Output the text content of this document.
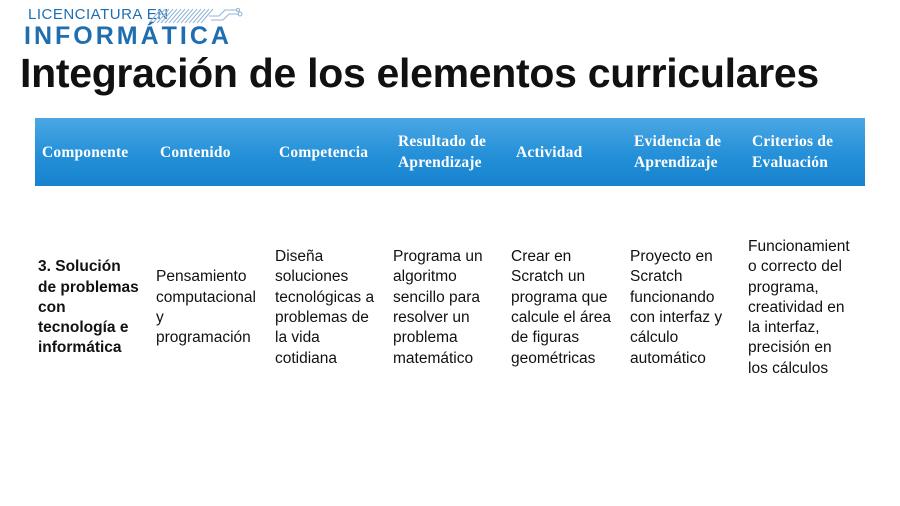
LICENCIATURA EN
INFORMÁTICA
Integración de los elementos curriculares
Componente Contenido	Competencia
Resultado de
Aprendizaje
Actividad
Evidencia de
Aprendizaje
Criterios de
Evaluación
3. Solución
de problemas
con
tecnología e
informática
Pensamiento
computacional
y
programación
Diseña
soluciones
tecnológicas a
problemas de
la vida
cotidiana
Programa un
algoritmo
sencillo para
resolver un
problema
matemático
Crear en
Scratch un
programa que
calcule el área
de figuras
geométricas
Proyecto en
Scratch
funcionando
con interfaz y
cálculo
automático
Funcionamient
o correcto del
programa,
creatividad en
la interfaz,
precisión en
los cálculos
